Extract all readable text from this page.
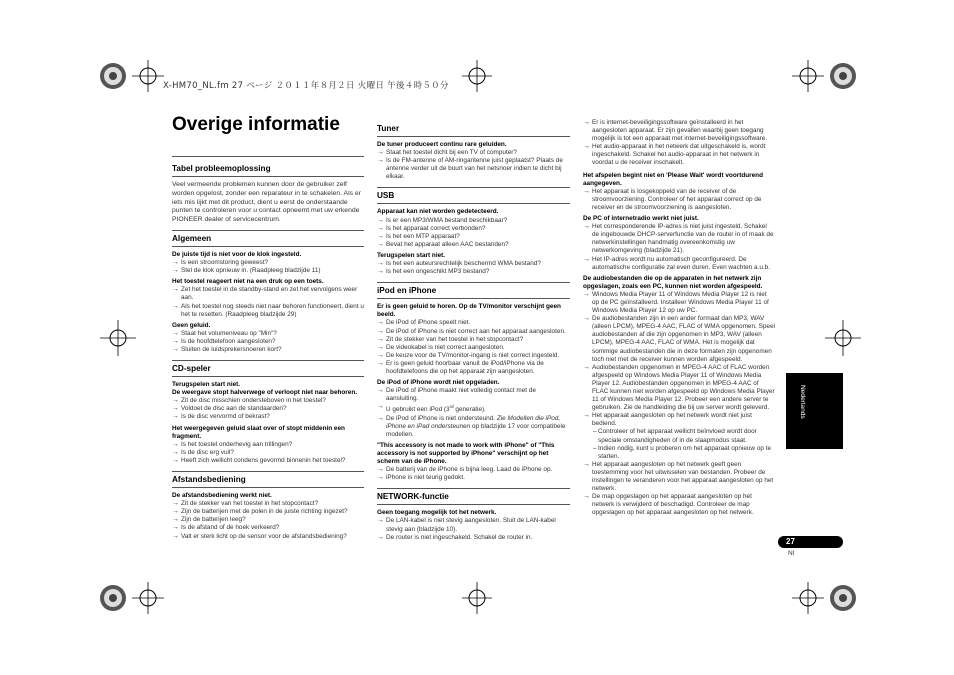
X-HM70_NL.fm 27 ページ ２０１１年８月２日 火曜日 午後４時５０分
Overige informatie
Tabel probleemoplossing
Veel vermeende problemen kunnen door de gebruiker zelf worden opgelost, zonder een reparateur in te schakelen. Als er iets mis lijkt met dit product, dient u eerst de onderstaande punten te controleren voor u contact opneemt met uw erkende PIONEER dealer of servicecentrum.
Algemeen
De juiste tijd is niet voor de klok ingesteld.
→ Is een stroomstoring geweest?
→ Stel de klok opnieuw in. (Raadpleeg bladzijde 11)
Het toestel reageert niet na een druk op een toets.
→ Zet het toestel in de standby-stand en zet het vervolgens weer aan.
→ Als het toestel nog steeds niet naar behoren functioneert, dient u het te resetten. (Raadpleeg bladzijde 29)
Geen geluid.
→ Staat het volumeniveau op "Min"?
→ Is de hoofdtelefoon aangesloten?
→ Sluiten de luidsprekersnoeren kort?
CD-speler
Terugspelen start niet.
De weergave stopt halverwege of verloopt niet naar behoren.
→ Zit de disc misschien ondersteboven in het toestel?
→ Voldoet de disc aan de standaarden?
→ Is de disc vervormd of bekrast?
Het weergegeven geluid slaat over of stopt middenin een fragment.
→ Is het toestel onderhevig aan trillingen?
→ Is de disc erg vuil?
→ Heeft zich wellicht condens gevormd binnenin het toestel?
Afstandsbediening
De afstandsbediening werkt niet.
→ Zit de stekker van het toestel in het stopcontact?
→ Zijn de batterijen met de polen in de juiste richting ingezet?
→ Zijn de batterijen leeg?
→ Is de afstand of de hoek verkeerd?
→ Valt er sterk licht op de sensor voor de afstandsbediening?
Tuner
De tuner produceert continu rare geluiden.
→ Staat het toestel dicht bij een TV of computer?
→ Is de FM-antenne of AM-ringantenne juist geplaatst? Plaats de antenne verder uit de buurt van het netsnoer indien te dicht bij elkaar.
USB
Apparaat kan niet worden gedetecteerd.
→ Is er een MP3/WMA bestand beschikbaar?
→ Is het apparaat correct verbonden?
→ Is het een MTP apparaat?
→ Bevat het apparaat alleen AAC bestanden?
Terugspelen start niet.
→ Is het een auteursrechtelijk beschermd WMA bestand?
→ Is het een ongeschikt MP3 bestand?
iPod en iPhone
Er is geen geluid te horen. Op de TV/monitor verschijnt geen beeld.
→ De iPod of iPhone speelt niet.
→ De iPod of iPhone is niet correct aan het apparaat aangesloten.
→ Zit de stekker van het toestel in het stopcontact?
→ De videokabel is niet correct aangesloten.
→ De keuze voor de TV/monitor-ingang is niet correct ingesteld.
→ Er is geen geluid hoorbaar vanuit de iPod/iPhone via de hoofdtelefoons die op het apparaat zijn aangesloten.
De iPod of iPhone wordt niet opgeladen.
→ De iPod of iPhone maakt niet volledig contact met de aansluiting.
→ U gebruikt een iPod (3rd generatie).
→ De iPod of iPhone is niet ondersteund. Zie Modellen die iPod, iPhone en iPad ondersteunen op bladzijde 17 voor compatibele modellen.
"This accessory is not made to work with iPhone" of "This accessory is not supported by iPhone" verschijnt op het scherm van de iPhone.
→ De batterij van de iPhone is bijna leeg. Laad de iPhone op.
→ iPhone is niet teurig gedokt.
NETWORK-functie
Geen toegang mogelijk tot het netwerk.
→ De LAN-kabel is niet stevig aangesloten. Sluit de LAN-kabel stevig aan (bladzijde 10).
→ De router is niet ingeschakeld. Schakel de router in.
→ Er is internet-beveiligingssoftware geïnstalleerd in het aangesloten apparaat. Er zijn gevallen waarbij geen toegang mogelijk is tot een apparaat met internet-beveiligingssoftware.
→ Het audio-apparaat in het netwerk dat uitgeschakeld is, wordt ingeschakeld. Schakel het audio-apparaat in het netwerk in voordat u de receiver inschakelt.
Het afspelen begint niet en 'Please Wait' wordt voortdurend aangegeven.
→ Het apparaat is losgekoppeld van de receiver of de stroomvoorziening. Controleer of het apparaat correct op de receiver en de stroomvoorziening is aangesloten.
De PC of internetradio werkt niet juist.
→ Het corresponderende IP-adres is niet juist ingesteld. Schakel de ingebouwde DHCP-serverfunctie van de router in of maak de netwerkinstellingen handmatig overeenkomstig uw netwerkomgeving (bladzijde 21).
→ Het IP-adres wordt nu automatisch geconfigureerd. De automatische configuratie zal even duren. Even wachten a.u.b.
De audiobestanden die op de apparaten in het netwerk zijn opgeslagen, zoals een PC, kunnen niet worden afgespeeld.
→ Windows Media Player 11 of Windows Media Player 12 is niet op de PC geïnstalleerd. Installeer Windows Media Player 11 of Windows Media Player 12 op uw PC.
→ De audiobestanden zijn in een ander formaat dan MP3, WAV (alleen LPCM), MPEG-4 AAC, FLAC of WMA opgenomen. Speel audiobestanden af die zijn opgenomen in MP3, WAV (alleen LPCM), MPEG-4 AAC, FLAC of WMA. Het is mogelijk dat sommige audiobestanden die in deze formaten zijn opgenomen toch niet met de receiver kunnen worden afgespeeld.
→ Audiobestanden opgenomen in MPEG-4 AAC of FLAC worden afgespeeld op Windows Media Player 11 of Windows Media Player 12. Audiobestanden opgenomen in MPEG-4 AAC of FLAC kunnen niet worden afgespeeld op Windows Media Player 11 of Windows Media Player 12. Probeer een andere server te gebruiken. Zie de handleiding die bij uw server wordt geleverd.
→ Het apparaat aangesloten op het netwerk wordt niet juist bediend.
– Controleer of het apparaat wellicht beïnvloed wordt door speciale omstandigheden of in de slaapmodus staat.
– Indien nodig, kunt u proberen om het apparaat opnieuw op te starten.
→ Het apparaat aangesloten op het netwerk geeft geen toestemming voor het uitwisselen van bestanden. Probeer de instellingen te veranderen voor het apparaat aangesloten op het netwerk.
→ De map opgeslagen op het apparaat aangesloten op het netwerk is verwijderd of beschadigd. Controleer de map opgeslagen op het apparaat aangesloten op het netwerk.
Nederlands
27
Nl
